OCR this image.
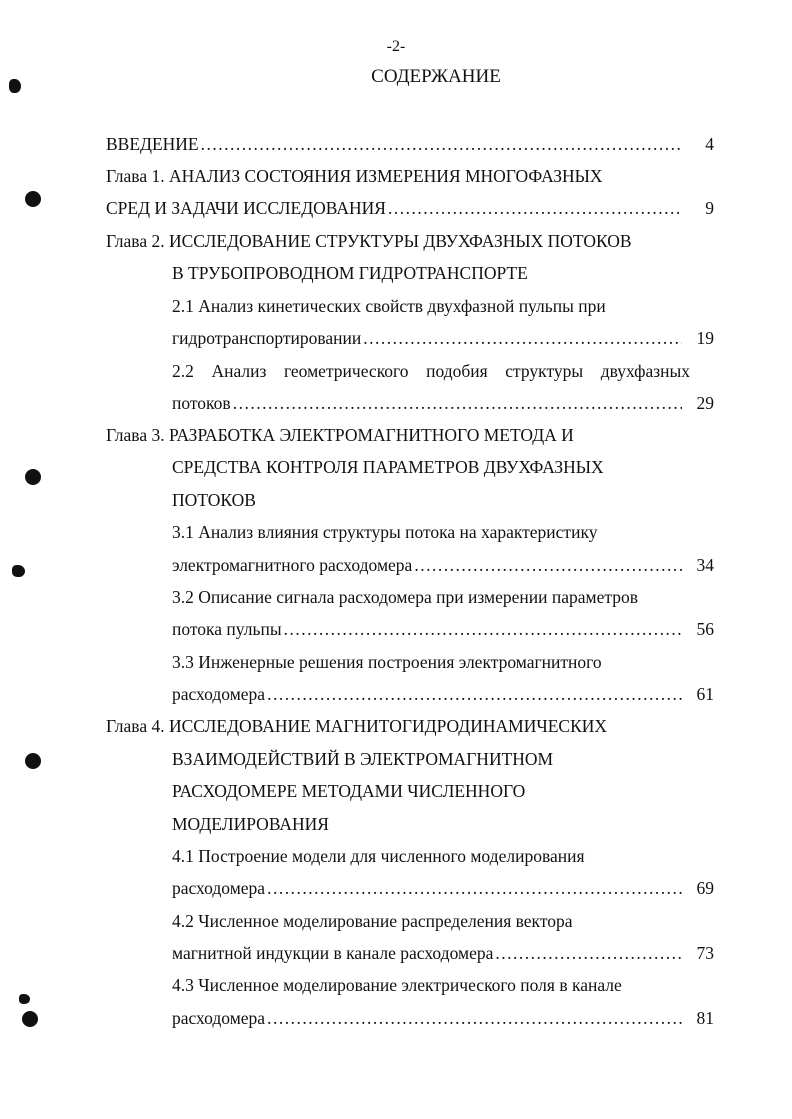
-2-
СОДЕРЖАНИЕ
ВВЕДЕНИЕ .....	4
Глава 1. АНАЛИЗ СОСТОЯНИЯ ИЗМЕРЕНИЯ МНОГОФАЗНЫХ
СРЕД И ЗАДАЧИ ИССЛЕДОВАНИЯ .....	9
Глава 2. ИССЛЕДОВАНИЕ СТРУКТУРЫ ДВУХФАЗНЫХ ПОТОКОВ
В ТРУБОПРОВОДНОМ ГИДРОТРАНСПОРТЕ
2.1 Анализ кинетических свойств двухфазной пульпы при
гидротранспортировании .....	19
2.2 Анализ геометрического подобия структуры двухфазных
потоков .....	29
Глава 3. РАЗРАБОТКА ЭЛЕКТРОМАГНИТНОГО МЕТОДА И
СРЕДСТВА КОНТРОЛЯ ПАРАМЕТРОВ ДВУХФАЗНЫХ
ПОТОКОВ
3.1 Анализ влияния структуры потока на характеристику
электромагнитного расходомера .....	34
3.2 Описание сигнала расходомера при измерении параметров
потока пульпы .....	56
3.3 Инженерные решения построения электромагнитного
расходомера .....	61
Глава 4. ИССЛЕДОВАНИЕ МАГНИТОГИДРОДИНАМИЧЕСКИХ
ВЗАИМОДЕЙСТВИЙ В ЭЛЕКТРОМАГНИТНОМ
РАСХОДОМЕРЕ МЕТОДАМИ ЧИСЛЕННОГО
МОДЕЛИРОВАНИЯ
4.1 Построение модели для численного моделирования
расходомера .....	69
4.2 Численное моделирование распределения вектора
магнитной индукции в канале расходомера .....	73
4.3 Численное моделирование электрического поля в канале
расходомера .....	81
